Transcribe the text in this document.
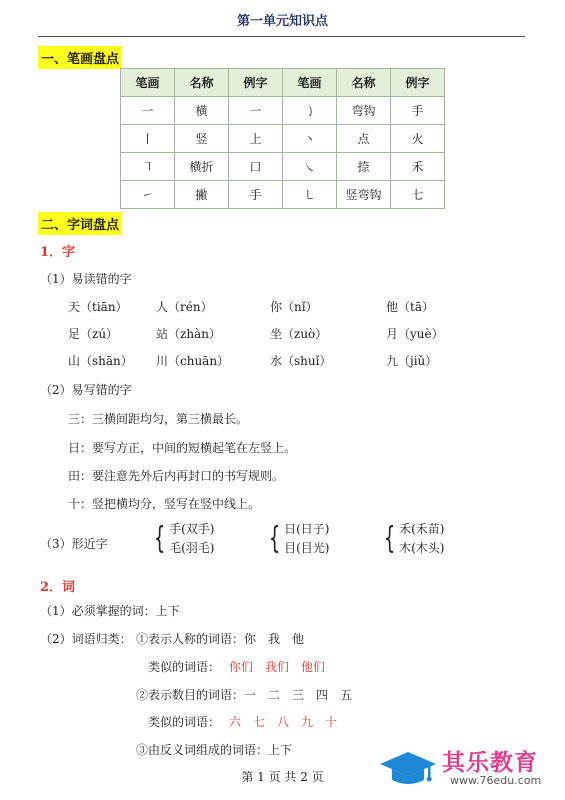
第一单元知识点
一、笔画盘点
笔画	名称	例字	笔画	名称	例字
一	横	一	㇁	弯钩	手
丨	竖	上	丶	点	火
㇕	横折	口	㇏	捺	禾
㇀	撇	手	㇄	竖弯钩	七
二、字词盘点
1．字
（1）易读错的字
天（tiān） 人（rén）	你（nǐ）	他（tā）
足（zú）	站（zhàn）	坐（zuò）	月（yuè）
山（shān） 川（chuān）	水（shuǐ）	九（jiǔ）
（2）易写错的字
三：三横间距均匀，第三横最长。
日：要写方正，中间的短横起笔在左竖上。
田：要注意先外后内再封口的书写规则。
十：竖把横均分，竖写在竖中线上。
（3）形近字 { 手(双手)
毛(羽毛) { 日(日子)
目(目光) { 禾(禾苗)
木(木头)
2．词
（1）必须掌握的词：上下
（2）词语归类： ①表示人称的词语：你　我　他
类似的词语： 你们　我们　他们
②表示数目的词语：一　二　三　四　五
类似的词语： 六　七　八　九　十
③由反义词组成的词语：上下
第 1 页 共 2 页
其乐教育
www.76edu.com
